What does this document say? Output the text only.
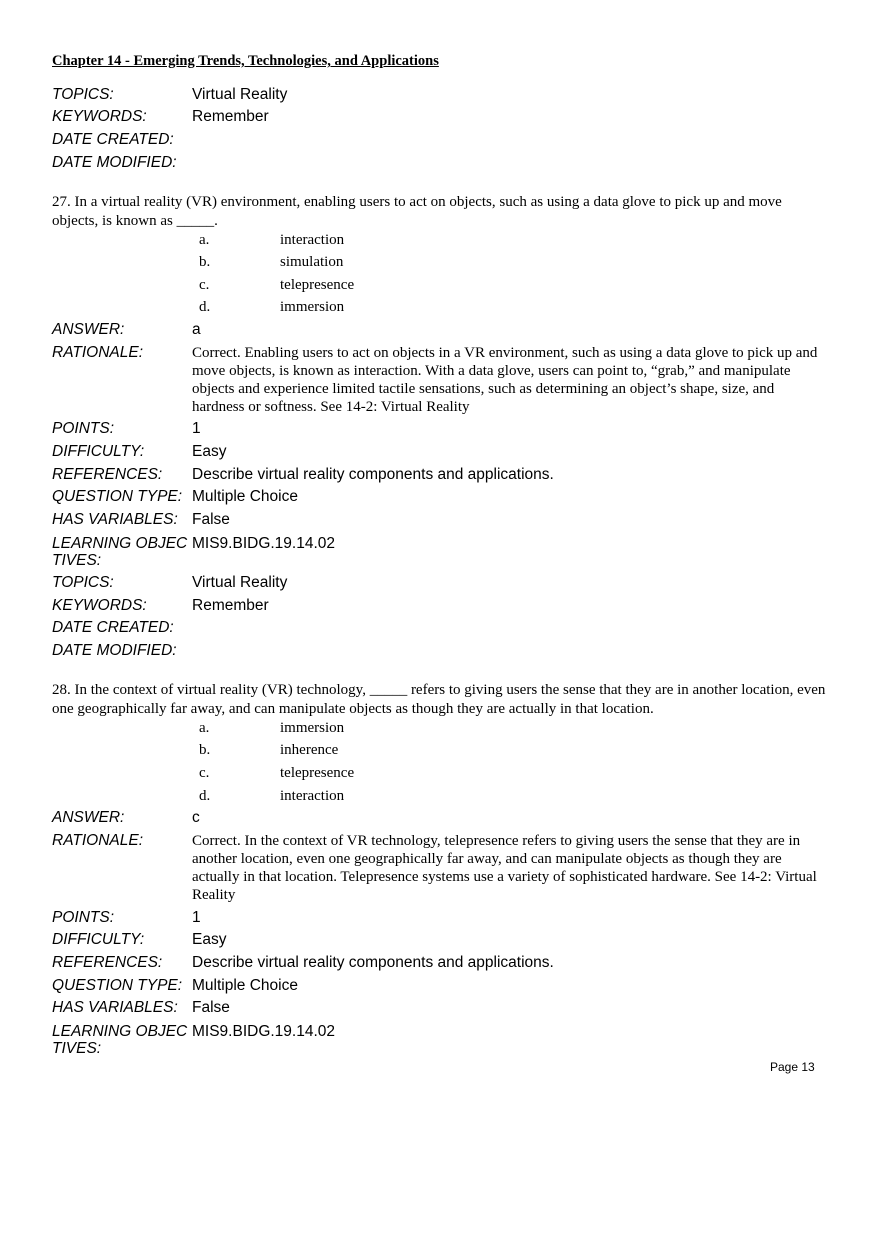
Chapter 14 - Emerging Trends, Technologies, and Applications
TOPICS:	Virtual Reality
KEYWORDS:	Remember
DATE CREATED:
DATE MODIFIED:
27. In a virtual reality (VR) environment, enabling users to act on objects, such as using a data glove to pick up and move objects, is known as _____.
a.	interaction
b.	simulation
c.	telepresence
d.	immersion
ANSWER:	a
RATIONALE:	Correct. Enabling users to act on objects in a VR environment, such as using a data glove to pick up and move objects, is known as interaction. With a data glove, users can point to, “grab,” and manipulate objects and experience limited tactile sensations, such as determining an object’s shape, size, and hardness or softness. See 14-2: Virtual Reality
POINTS:	1
DIFFICULTY:	Easy
REFERENCES: Describe virtual reality components and applications.
QUESTION TYPE: Multiple Choice
HAS VARIABLES: False
LEARNING OBJECTIVES:
MIS9.BIDG.19.14.02
TOPICS:	Virtual Reality
KEYWORDS:	Remember
DATE CREATED:
DATE MODIFIED:
28. In the context of virtual reality (VR) technology, _____ refers to giving users the sense that they are in another location, even one geographically far away, and can manipulate objects as though they are actually in that location.
a.	immersion
b.	inherence
c.	telepresence
d.	interaction
ANSWER:	c
RATIONALE:	Correct. In the context of VR technology, telepresence refers to giving users the sense that they are in another location, even one geographically far away, and can manipulate objects as though they are actually in that location. Telepresence systems use a variety of sophisticated hardware. See 14-2: Virtual Reality
POINTS:	1
DIFFICULTY:	Easy
REFERENCES: Describe virtual reality components and applications.
QUESTION TYPE: Multiple Choice
HAS VARIABLES: False
LEARNING OBJECTIVES:
MIS9.BIDG.19.14.02
Page 13
